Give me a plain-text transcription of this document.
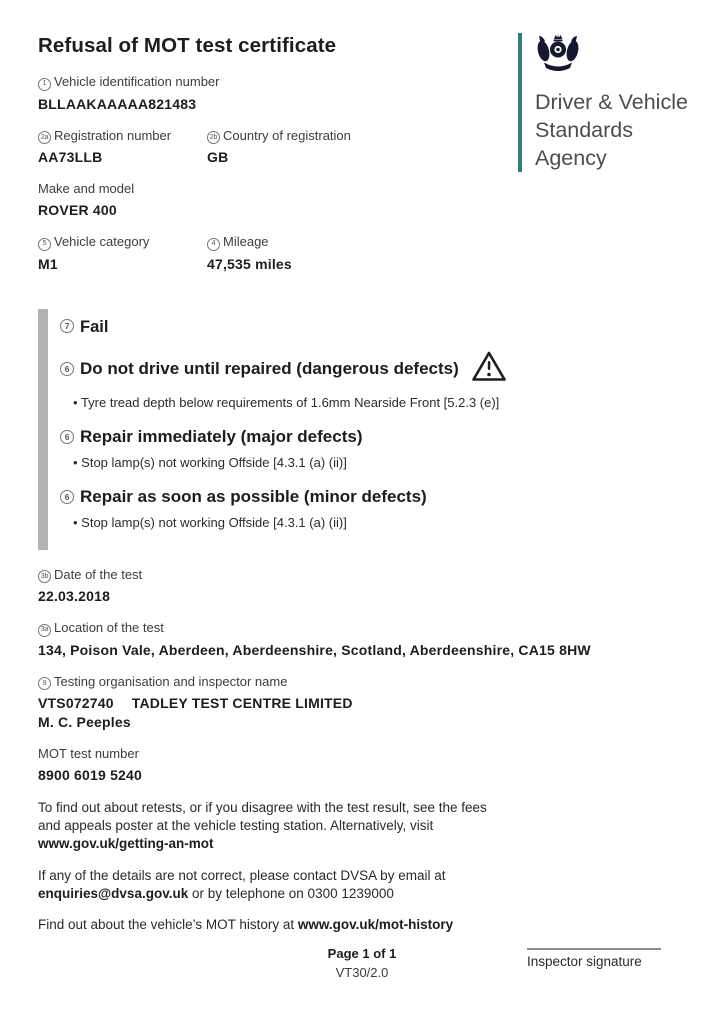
Driver & Vehicle
Standards
Agency
Refusal of MOT test certificate
1 Vehicle identification number
BLLAAKAAAAA821483
2a Registration number
AA73LLB
2b Country of registration
GB
Make and model
ROVER 400
5 Vehicle category
M1
4 Mileage
47,535 miles
7 Fail
6 Do not drive until repaired (dangerous defects)
• Tyre tread depth below requirements of 1.6mm Nearside Front [5.2.3 (e)]
6 Repair immediately (major defects)
• Stop lamp(s) not working Offside [4.3.1 (a) (ii)]
6 Repair as soon as possible (minor defects)
• Stop lamp(s) not working Offside [4.3.1 (a) (ii)]
3b Date of the test
22.03.2018
3a Location of the test
134, Poison Vale, Aberdeen, Aberdeenshire, Scotland, Aberdeenshire, CA15 8HW
9 Testing organisation and inspector name
VTS072740 TADLEY TEST CENTRE LIMITED
M. C. Peeples
MOT test number
8900 6019 5240

To find out about retests, or if you disagree with the test result, see the fees and appeals poster at the vehicle testing station. Alternatively, visit www.gov.uk/getting-an-mot

If any of the details are not correct, please contact DVSA by email at enquiries@dvsa.gov.uk or by telephone on 0300 1239000

Find out about the vehicle’s MOT history at www.gov.uk/mot-history

Page 1 of 1
VT30/2.0
Inspector signature
